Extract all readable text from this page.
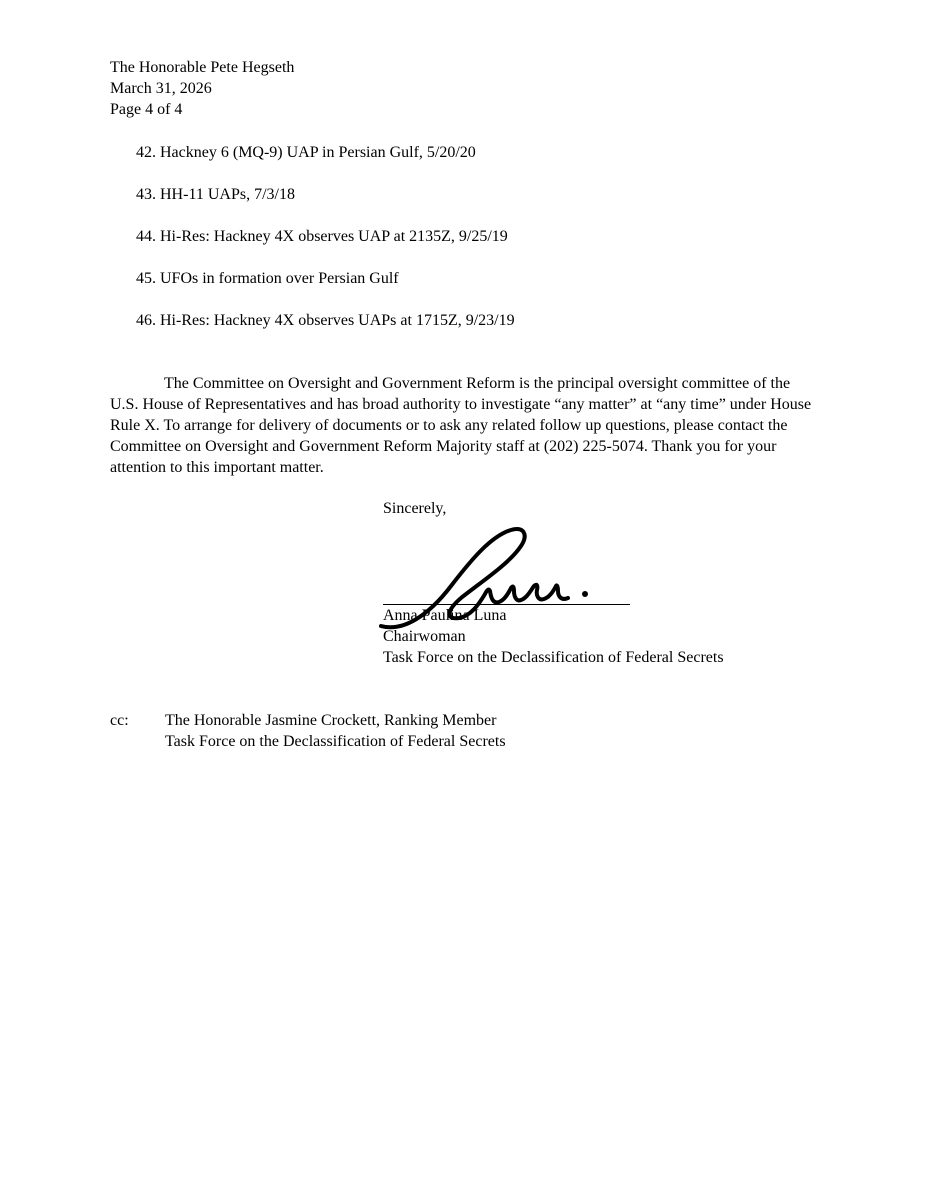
The Honorable Pete Hegseth
March 31, 2026
Page 4 of 4
42. Hackney 6 (MQ-9) UAP in Persian Gulf, 5/20/20
43. HH-11 UAPs, 7/3/18
44. Hi-Res: Hackney 4X observes UAP at 2135Z, 9/25/19
45. UFOs in formation over Persian Gulf
46. Hi-Res: Hackney 4X observes UAPs at 1715Z, 9/23/19
The Committee on Oversight and Government Reform is the principal oversight committee of the U.S. House of Representatives and has broad authority to investigate “any matter” at “any time” under House Rule X. To arrange for delivery of documents or to ask any related follow up questions, please contact the Committee on Oversight and Government Reform Majority staff at (202) 225-5074. Thank you for your attention to this important matter.
Sincerely,
Anna Paulina Luna
Chairwoman
Task Force on the Declassification of Federal Secrets
cc:	The Honorable Jasmine Crockett, Ranking Member
Task Force on the Declassification of Federal Secrets
